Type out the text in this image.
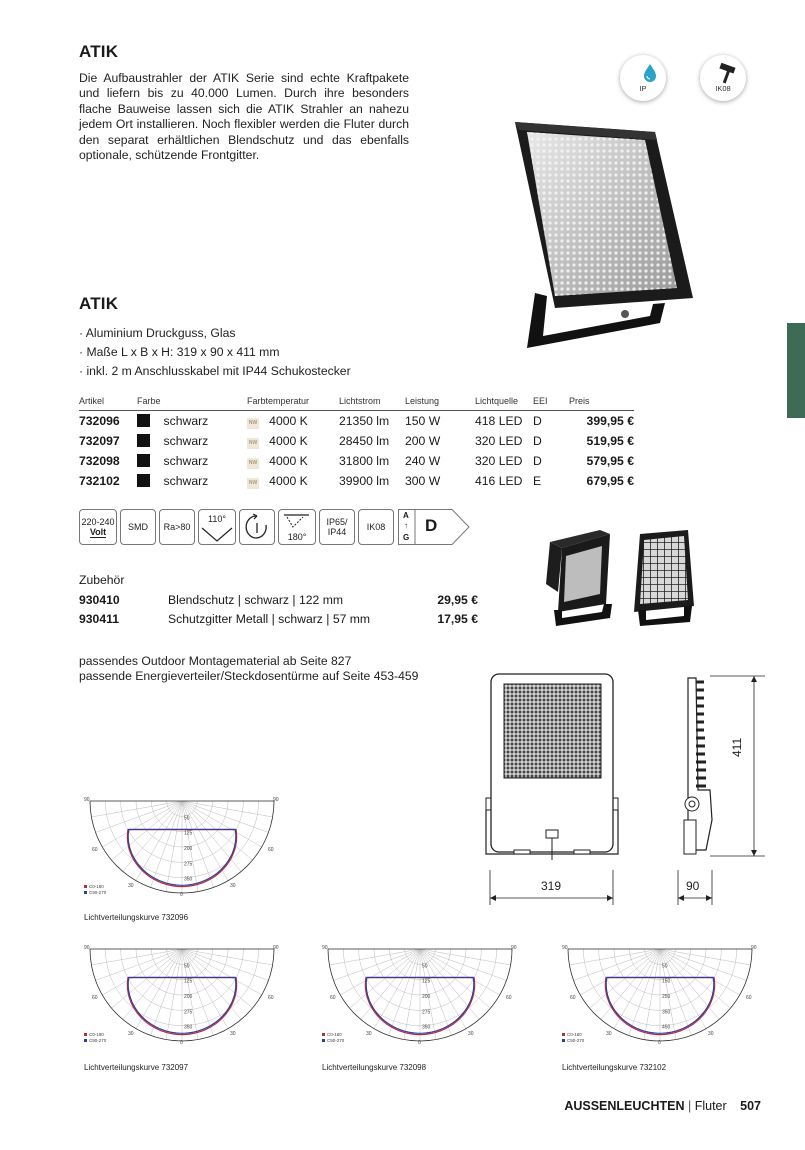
ATIK
Die Aufbaustrahler der ATIK Serie sind echte Kraftpakete und liefern bis zu 40.000 Lumen. Durch ihre besonders flache Bauweise lassen sich die ATIK Strahler an nahezu jedem Ort installieren. Noch flexibler werden die Fluter durch den separat erhältlichen Blendschutz und das ebenfalls optionale, schützende Frontgitter.
IP	IK08
ATIK
· Aluminium Druckguss, Glas
· Maße L x B x H: 319 x 90 x 411 mm
· inkl. 2 m Anschlusskabel mit IP44 Schukostecker
Artikel	Farbe	Farbtemperatur	Lichtstrom	Leistung	Lichtquelle	EEI	Preis
732096	schwarz	NW 4000 K	21350 lm	150 W	418 LED	D	399,95 €
732097	schwarz	NW 4000 K	28450 lm	200 W	320 LED	D	519,95 €
732098	schwarz	NW 4000 K	31800 lm	240 W	320 LED	D	579,95 €
732102	schwarz	NW 4000 K	39900 lm	300 W	416 LED	E	679,95 €
220-240
Volt	SMD	Ra>80
110°
180°
IP65/
IP44	IK08
A
↑
G
D
Zubehör
930410	Blendschutz | schwarz | 122 mm	29,95 €
930411	Schutzgitter Metall | schwarz | 57 mm	17,95 €
passendes Outdoor Montagematerial ab Seite 827
passende Energieverteiler/Steckdosentürme auf Seite 453-459
319
411
90
50
125
200
275
350
90	90
60	60
30	30
0
C0-180
C90-270
Lichtverteilungskurve 732096
50
125
200
275
350
90	90
60	60
30	30
0
C0-180
C90-270
Lichtverteilungskurve 732097
50
125
200
275
350
90	90
60	60
30	30
0
C0-180
C90-270
Lichtverteilungskurve 732098
50
150
250
350
450
90	90
60	60
30	30
0
C0-180
C90-270
Lichtverteilungskurve 732102
AUSSENLEUCHTEN | Fluter 507
